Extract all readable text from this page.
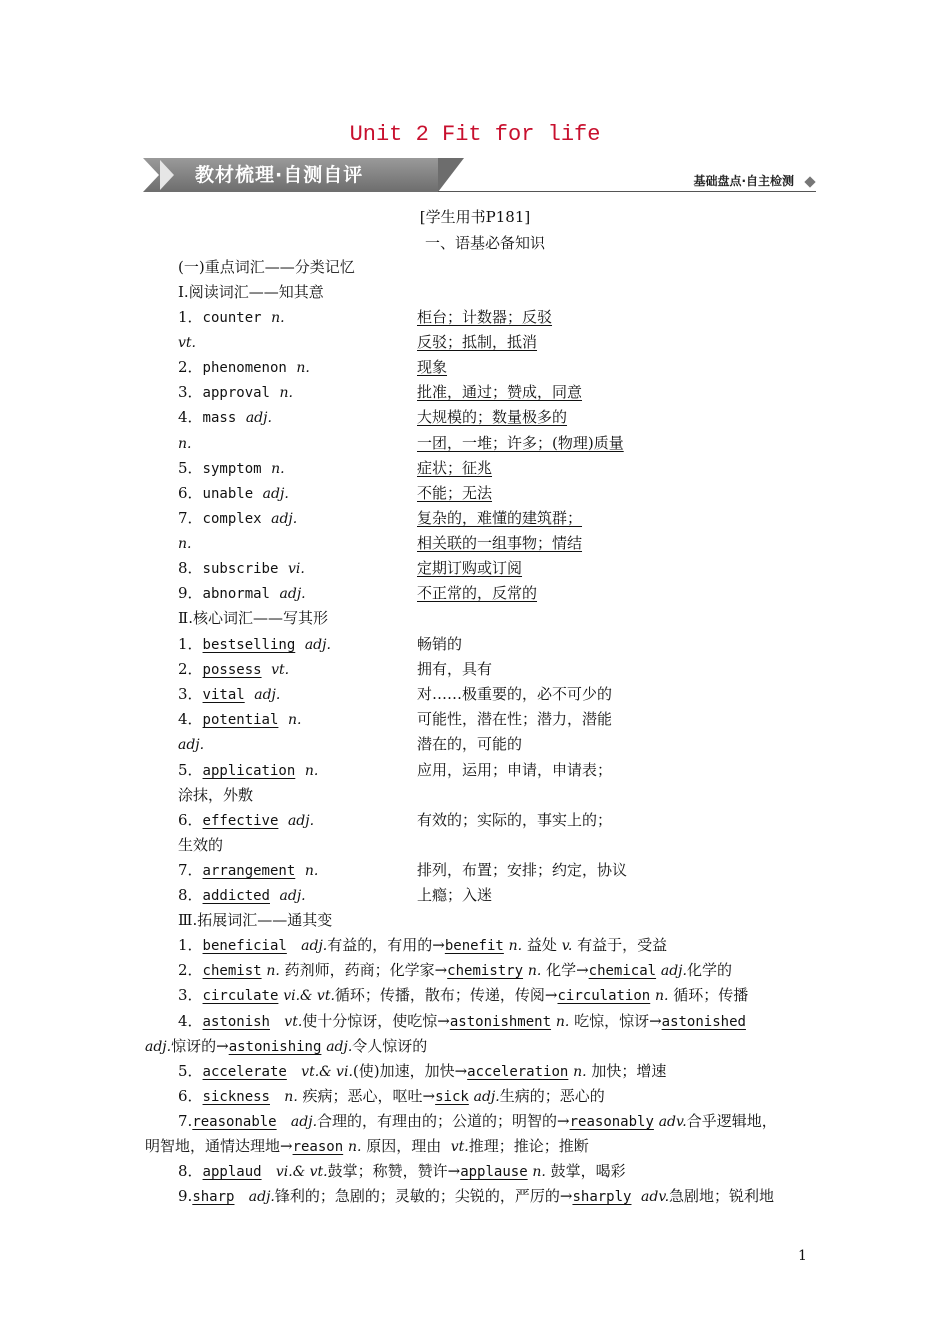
Unit 2 Fit for life
教材梳理·自测自评	基础盘点·自主检测
[学生用书P181]
一、语基必备知识
(一)重点词汇——分类记忆
Ⅰ.阅读词汇——知其意
1．counter n.	柜台；计数器；反驳
vt.	反驳；抵制，抵消
2．phenomenon n.	现象
3．approval n.	批准，通过；赞成，同意
4．mass adj.	大规模的；数量极多的
n.	一团，一堆；许多；(物理)质量
5．symptom n.	症状；征兆
6．unable adj.	不能；无法
7．complex adj.	复杂的，难懂的建筑群；
n.	相关联的一组事物；情结
8．subscribe vi.	定期订购或订阅
9．abnormal adj.	不正常的，反常的
Ⅱ.核心词汇——写其形
1．bestselling adj.	畅销的
2．possess vt.	拥有，具有
3．vital adj.	对……极重要的，必不可少的
4．potential n.	可能性，潜在性；潜力，潜能
adj.	潜在的，可能的
5．application n.	应用，运用；申请，申请表；
涂抹，外敷
6．effective adj.	有效的；实际的，事实上的；
生效的
7．arrangement n.	排列，布置；安排；约定，协议
8．addicted adj.	上瘾；入迷
Ⅲ.拓展词汇——通其变
1．beneficial adj.有益的，有用的→benefit n. 益处 v. 有益于，受益
2．chemist n. 药剂师，药商；化学家→chemistry n. 化学→chemical adj.化学的
3．circulate vi.& vt.循环；传播，散布；传递，传阅→circulation n. 循环；传播
4．astonish vt.使十分惊讶，使吃惊→astonishment n. 吃惊，惊讶→astonished
adj.惊讶的→astonishing adj.令人惊讶的
5．accelerate vt.& vi.(使)加速，加快→acceleration n. 加快；增速
6．sickness n. 疾病；恶心，呕吐→sick adj.生病的；恶心的
7.reasonable adj.合理的，有理由的；公道的；明智的→reasonably adv.合乎逻辑地，
明智地，通情达理地→reason n. 原因，理由 vt.推理；推论；推断
8．applaud vi.& vt.鼓掌；称赞，赞许→applause n. 鼓掌，喝彩
9.sharp adj.锋利的；急剧的；灵敏的；尖锐的，严厉的→sharply adv.急剧地；锐利地
1
